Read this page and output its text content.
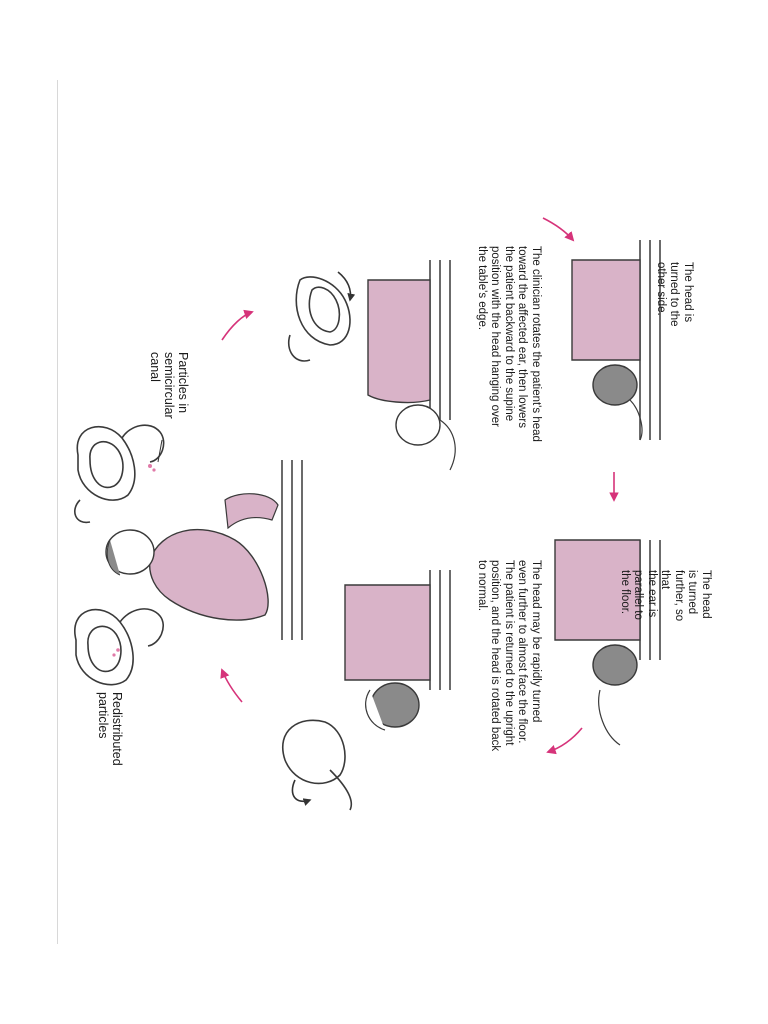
Particles in
semicircular
canal
Redistributed
particles
The clinician rotates the patient's head
toward the affected ear, then lowers
the patient backward to the supine
position with the head hanging over
the table's edge.	The head is turned to the other side.
The head is turned further, so that
the ear is parallel to the floor.
The head may be rapidly turned
even further to almost face the floor.
The patient is returned to the upright
position, and the head is rotated back
to normal.
